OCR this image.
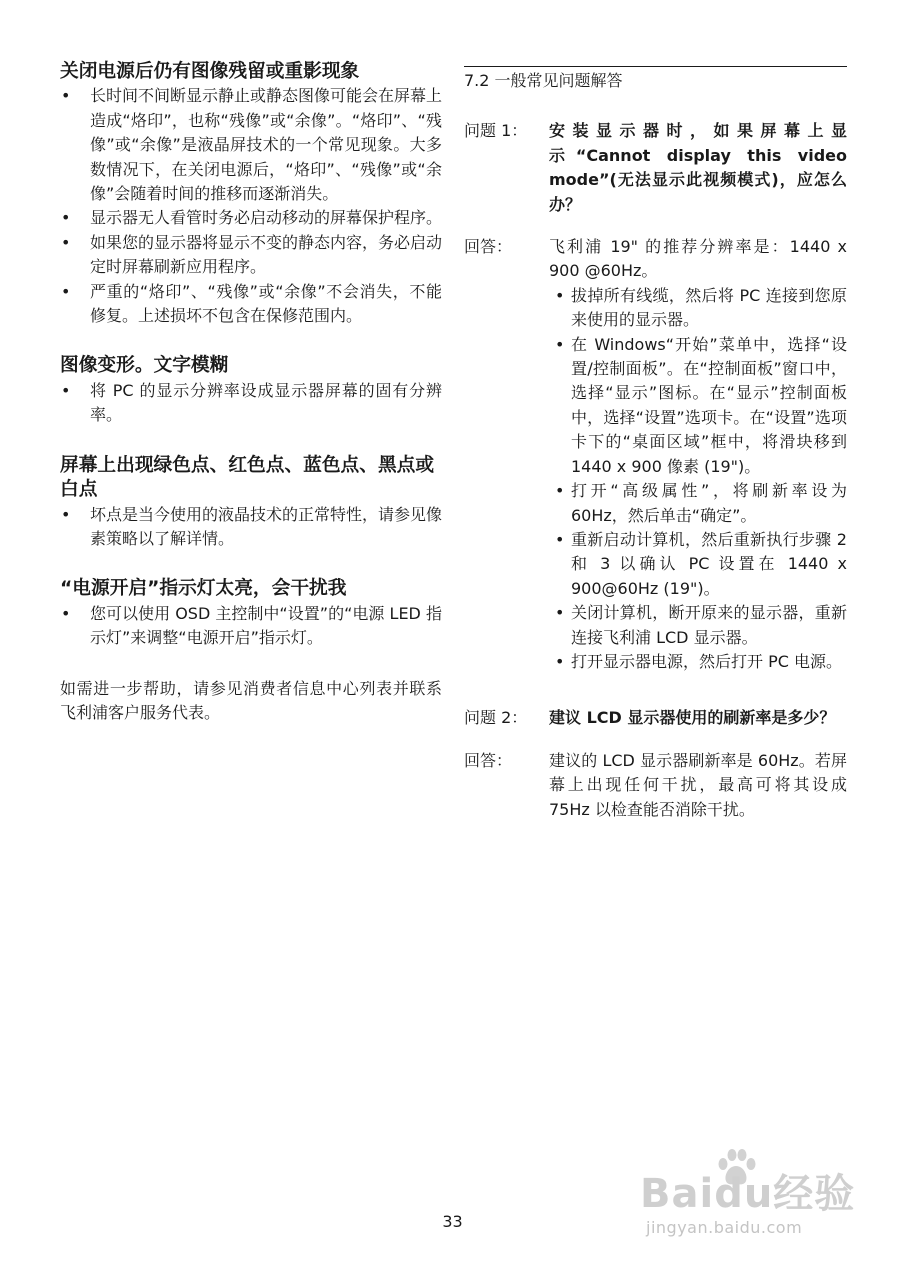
关闭电源后仍有图像残留或重影现象
• 长时间不间断显示静止或静态图像可能会在屏幕上造成“烙印”，也称“残像”或“余像”。“烙印”、“残像”或“余像”是液晶屏技术的一个常见现象。大多数情况下，在关闭电源后，“烙印”、“残像”或“余像”会随着时间的推移而逐渐消失。
• 显示器无人看管时务必启动移动的屏幕保护程序。
• 如果您的显示器将显示不变的静态内容，务必启动定时屏幕刷新应用程序。
• 严重的“烙印”、“残像”或“余像”不会消失，不能修复。上述损坏不包含在保修范围内。
图像变形。文字模糊
• 将 PC 的显示分辨率设成显示器屏幕的固有分辨率。
屏幕上出现绿色点、红色点、蓝色点、黑点或白点
• 坏点是当今使用的液晶技术的正常特性，请参见像素策略以了解详情。
“电源开启”指示灯太亮，会干扰我
• 您可以使用 OSD 主控制中“设置”的“电源 LED 指示灯”来调整“电源开启”指示灯。

如需进一步帮助，请参见消费者信息中心列表并联系飞利浦客户服务代表。

7.2 一般常见问题解答
问题 1：	安装显示器时，如果屏幕上显示“Cannot display this video mode”(无法显示此视频模式)，应怎么办？
回答：	飞利浦 19" 的推荐分辨率是：1440 x 900 @60Hz。
• 拔掉所有线缆，然后将 PC 连接到您原来使用的显示器。
• 在 Windows“开始”菜单中，选择“设置/控制面板”。在“控制面板”窗口中，选择“显示”图标。在“显示”控制面板中，选择“设置”选项卡。在“设置”选项卡下的“桌面区域”框中，将滑块移到 1440 x 900 像素 (19")。
• 打开“高级属性”，将刷新率设为 60Hz，然后单击“确定”。
• 重新启动计算机，然后重新执行步骤 2 和 3 以确认 PC 设置在 1440 x 900@60Hz (19")。
• 关闭计算机，断开原来的显示器，重新连接飞利浦 LCD 显示器。
• 打开显示器电源，然后打开 PC 电源。
问题 2：	建议 LCD 显示器使用的刷新率是多少？
回答：	建议的 LCD 显示器刷新率是 60Hz。若屏幕上出现任何干扰，最高可将其设成 75Hz 以检查能否消除干扰。
33
Baidu经验
jingyan.baidu.com
